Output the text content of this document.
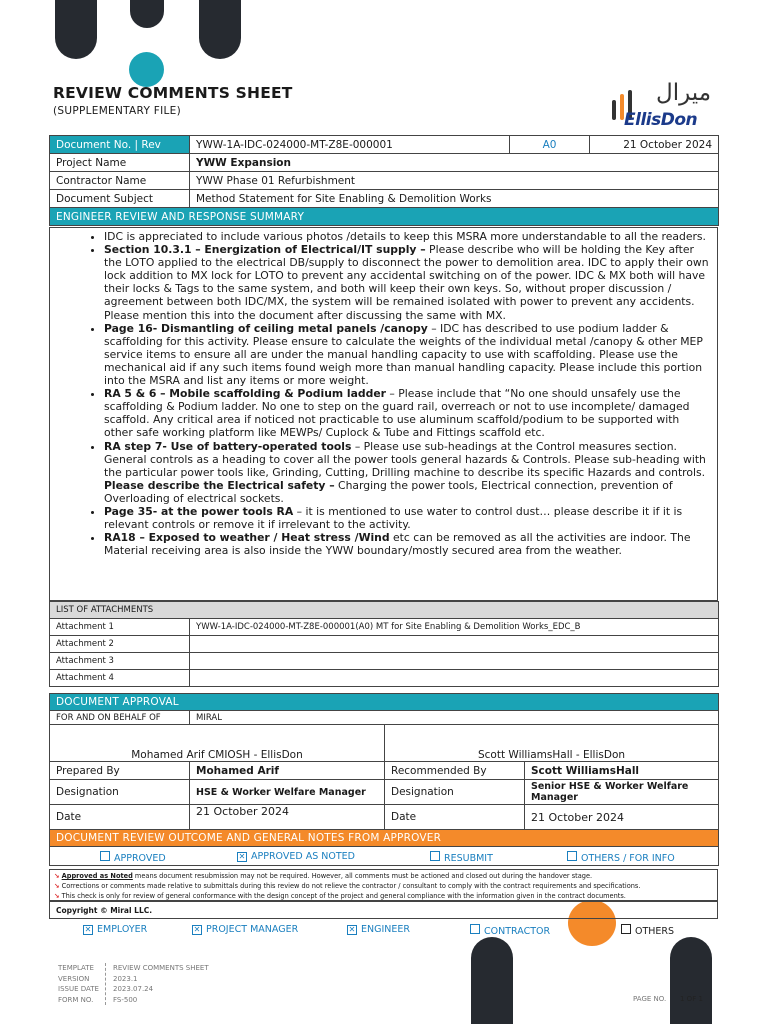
REVIEW COMMENTS SHEET
(SUPPLEMENTARY FILE)
ميرال
EllisDon
Document No. | Rev	YWW-1A-IDC-024000-MT-Z8E-000001	A0	21 October 2024
Project Name	YWW Expansion		
Contractor Name	YWW Phase 01 Refurbishment		
Document Subject	Method Statement for Site Enabling & Demolition Works		
ENGINEER REVIEW AND RESPONSE SUMMARY			
• IDC is appreciated to include various photos /details to keep this MSRA more understandable to all the readers.
• Section 10.3.1 – Energization of Electrical/IT supply – Please describe who will be holding the Key after the LOTO applied to the electrical DB/supply to disconnect the power to demolition area. IDC to apply their own lock addition to MX lock for LOTO to prevent any accidental switching on of the power. IDC & MX both will have their locks & Tags to the same system, and both will keep their own keys. So, without proper discussion / agreement between both IDC/MX, the system will be remained isolated with power to prevent any accidents. Please mention this into the document after discussing the same with MX.
• Page 16- Dismantling of ceiling metal panels /canopy – IDC has described to use podium ladder & scaffolding for this activity. Please ensure to calculate the weights of the individual metal /canopy & other MEP service items to ensure all are under the manual handling capacity to use with scaffolding. Please use the mechanical aid if any such items found weigh more than manual handling capacity. Please include this portion into the MSRA and list any items or more weight.
• RA 5 & 6 – Mobile scaffolding & Podium ladder – Please include that “No one should unsafely use the scaffolding & Podium ladder. No one to step on the guard rail, overreach or not to use incomplete/ damaged scaffold. Any critical area if noticed not practicable to use aluminum scaffold/podium to be supported with other safe working platform like MEWPs/ Cuplock & Tube and Fittings scaffold etc.
• RA step 7- Use of battery-operated tools – Please use sub-headings at the Control measures section. General controls as a heading to cover all the power tools general hazards & Controls. Please sub-heading with the particular power tools like, Grinding, Cutting, Drilling machine to describe its specific Hazards and controls.
Please describe the Electrical safety – Charging the power tools, Electrical connection, prevention of Overloading of electrical sockets.
• Page 35- at the power tools RA – it is mentioned to use water to control dust… please describe it if it is relevant controls or remove it if irrelevant to the activity.
• RA18 – Exposed to weather / Heat stress /Wind etc can be removed as all the activities are indoor. The Material receiving area is also inside the YWW boundary/mostly secured area from the weather.
LIST OF ATTACHMENTS	
Attachment 1	YWW-1A-IDC-024000-MT-Z8E-000001(A0) MT for Site Enabling & Demolition Works_EDC_B
Attachment 2	
Attachment 3	
Attachment 4	
DOCUMENT APPROVAL			
FOR AND ON BEHALF OF	MIRAL		
Mohamed Arif CMIOSH - EllisDon		Scott WilliamsHall - EllisDon	
Prepared By	Mohamed Arif	Recommended By	Scott WilliamsHall
Designation	HSE & Worker Welfare Manager	Designation	Senior HSE & Worker Welfare Manager
Date	21 October 2024	Date	21 October 2024
DOCUMENT REVIEW OUTCOME AND GENERAL NOTES FROM APPROVER			

APPROVED ✕ APPROVED AS NOTED RESUBMIT OTHERS / FOR INFO			
↘ Approved as Noted means document resubmission may not be required. However, all comments must be actioned and closed out during the handover stage.
↘ Corrections or comments made relative to submittals during this review do not relieve the contractor / consultant to comply with the contract requirements and specifications.
↘ This check is only for review of general conformance with the design concept of the project and general compliance with the information given in the contract documents.
Copyright © Miral LLC.
✕ EMPLOYER	✕ PROJECT MANAGER	✕ ENGINEER	CONTRACTOR	OTHERS
TEMPLATE	REVIEW COMMENTS SHEET
VERSION	2023.1
ISSUE DATE	2023.07.24
FORM NO.	FS-500	PAGE NO. 1 OF 1
